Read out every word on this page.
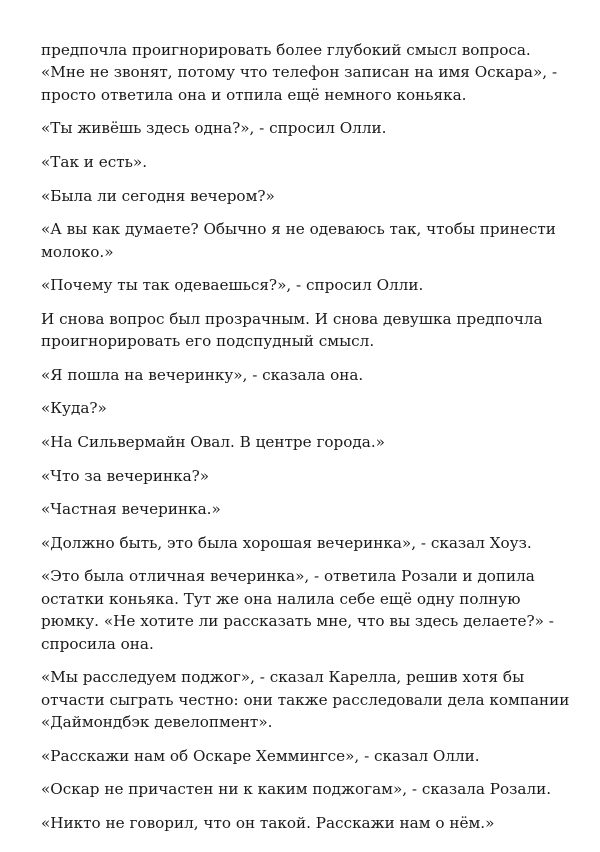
предпочла проигнорировать более глубокий смысл вопроса. «Мне не звонят, потому что телефон записан на имя Оскара», - просто ответила она и отпила ещё немного коньяка.

«Ты живёшь здесь одна?», - спросил Олли.

«Так и есть».

«Была ли сегодня вечером?»

«А вы как думаете? Обычно я не одеваюсь так, чтобы принести молоко.»

«Почему ты так одеваешься?», - спросил Олли.

И снова вопрос был прозрачным. И снова девушка предпочла проигнорировать его подспудный смысл.

«Я пошла на вечеринку», - сказала она.

«Куда?»

«На Сильвермайн Овал. В центре города.»

«Что за вечеринка?»

«Частная вечеринка.»

«Должно быть, это была хорошая вечеринка», - сказал Хоуз.

«Это была отличная вечеринка», - ответила Розали и допила остатки коньяка. Тут же она налила себе ещё одну полную рюмку. «Не хотите ли рассказать мне, что вы здесь делаете?» - спросила она.

«Мы расследуем поджог», - сказал Карелла, решив хотя бы отчасти сыграть честно: они также расследовали дела компании «Даймондбэк девелопмент».

«Расскажи нам об Оскаре Хеммингсе», - сказал Олли.

«Оскар не причастен ни к каким поджогам», - сказала Розали.

«Никто не говорил, что он такой. Расскажи нам о нём.»
